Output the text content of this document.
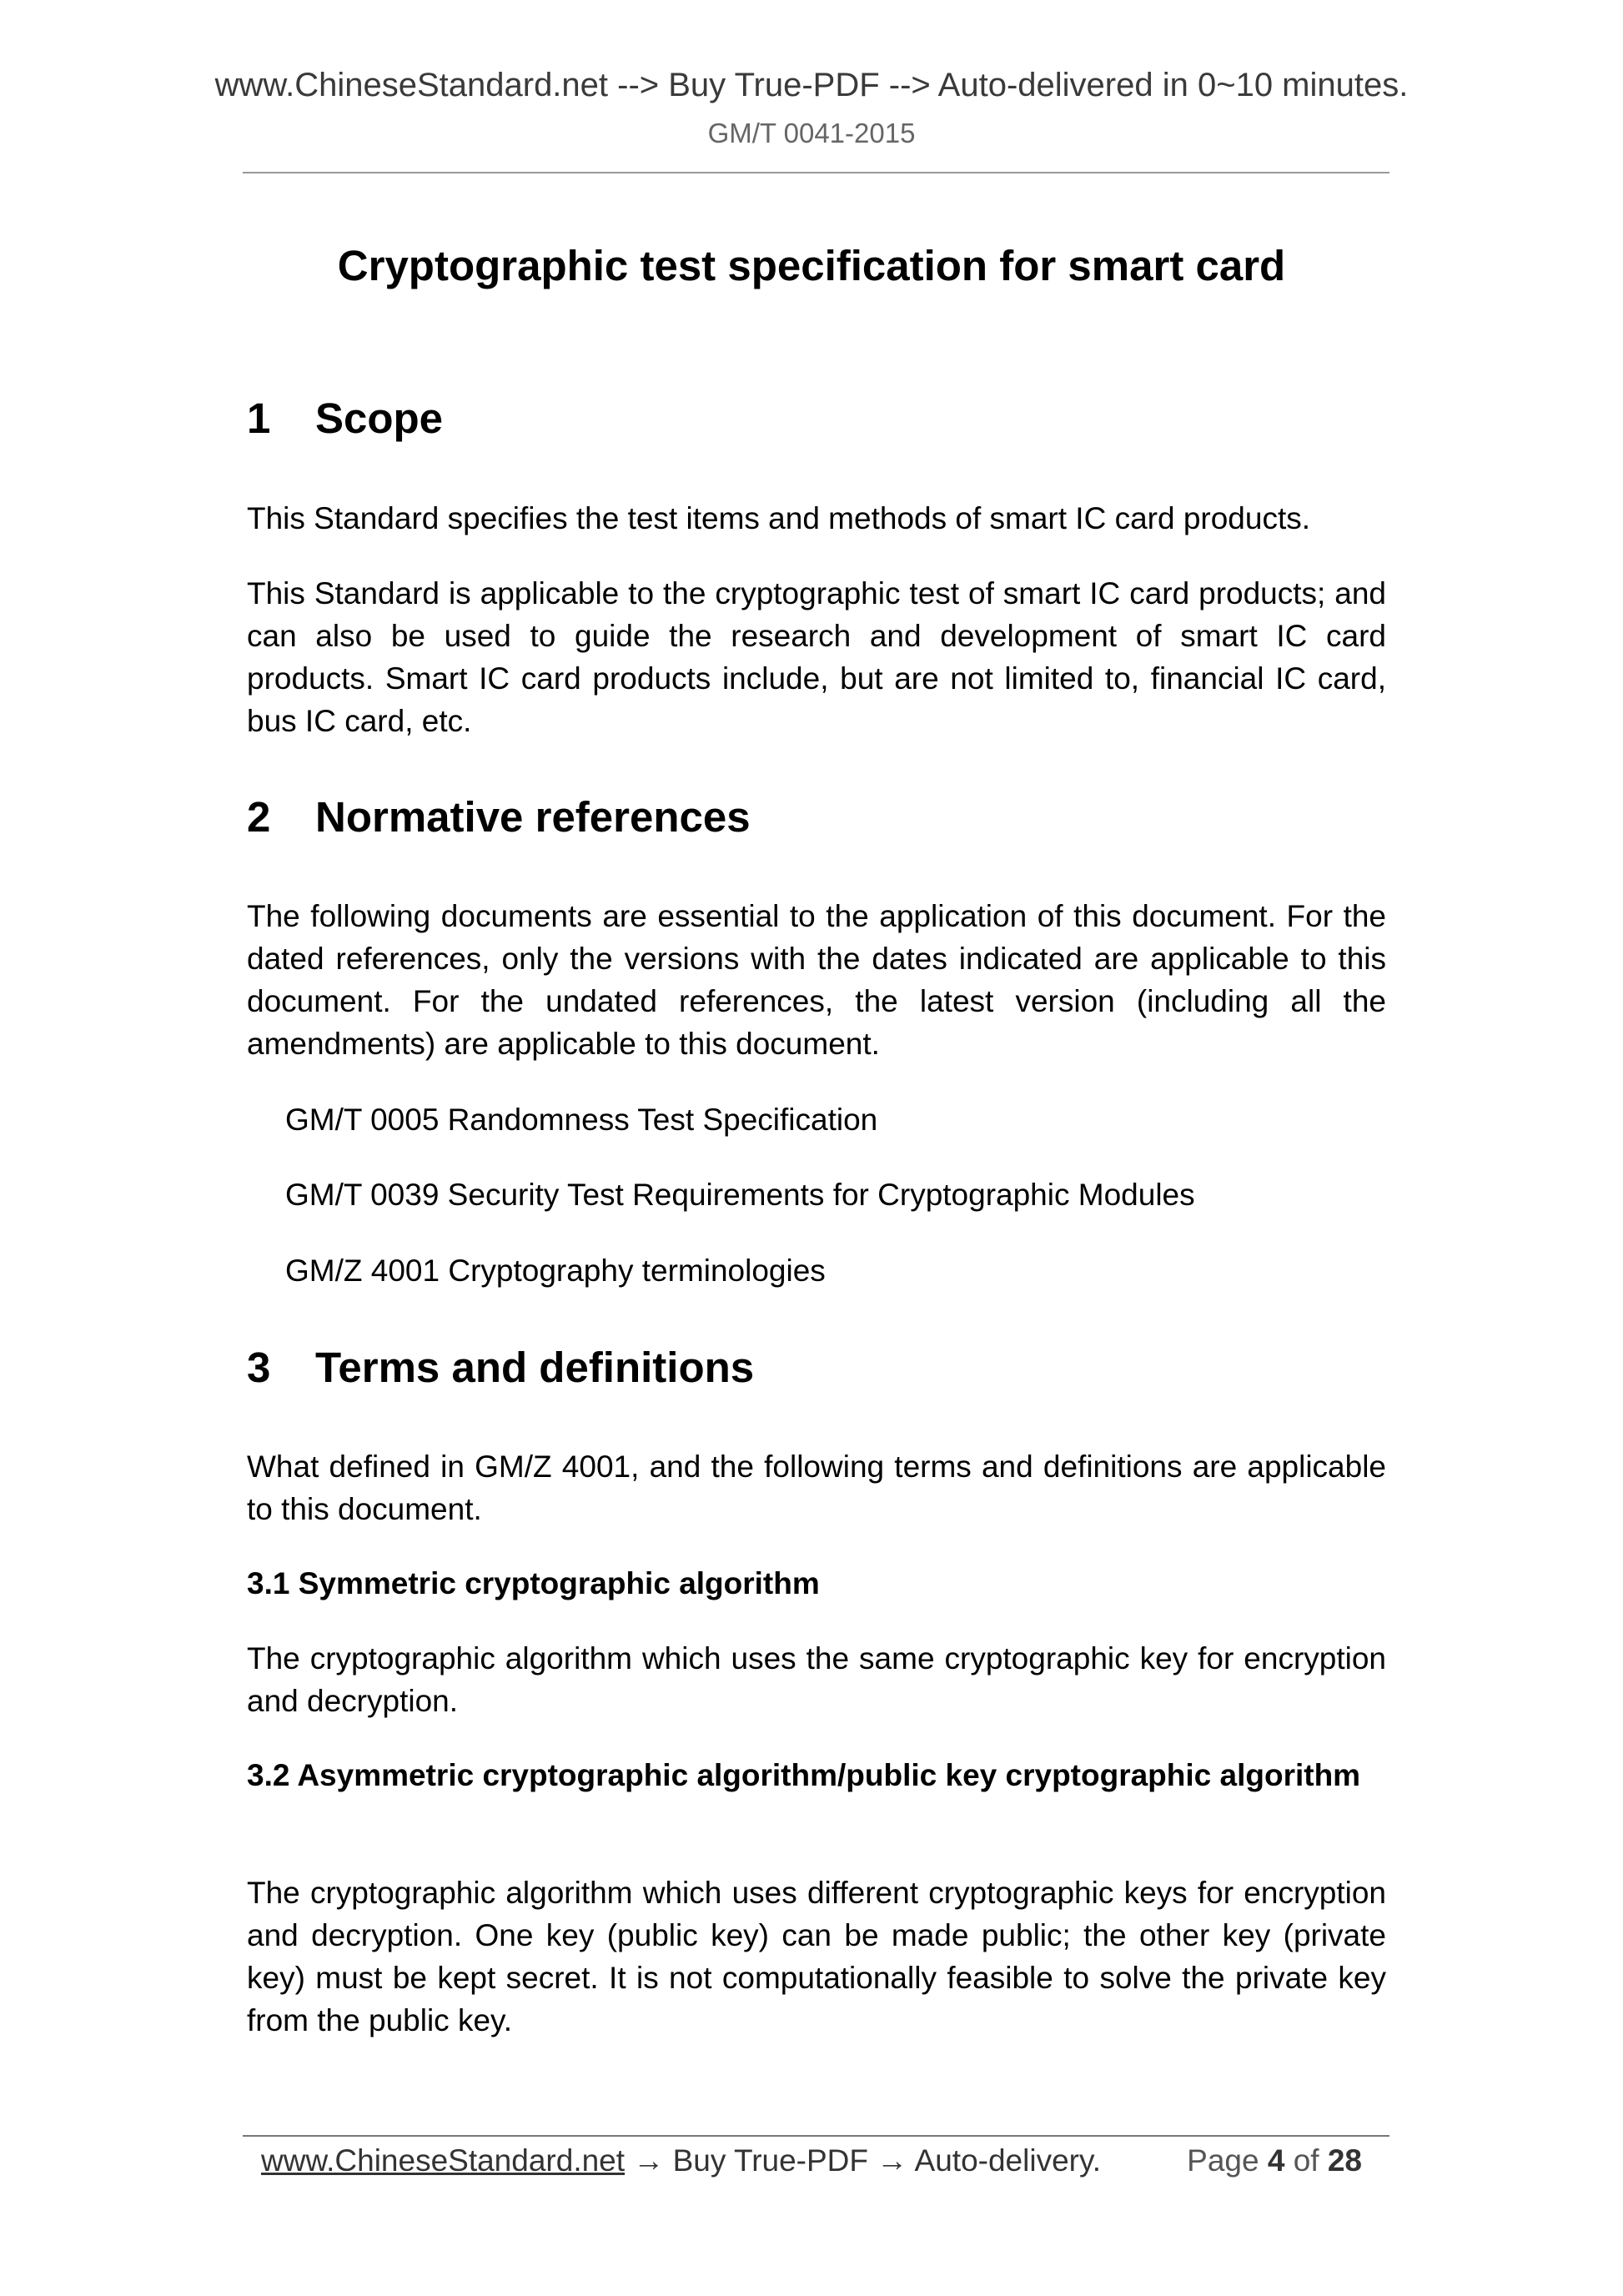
www.ChineseStandard.net --> Buy True-PDF --> Auto-delivered in 0~10 minutes.
GM/T 0041-2015
Cryptographic test specification for smart card
1 Scope
This Standard specifies the test items and methods of smart IC card products.
This Standard is applicable to the cryptographic test of smart IC card products; and can also be used to guide the research and development of smart IC card products. Smart IC card products include, but are not limited to, financial IC card, bus IC card, etc.
2 Normative references
The following documents are essential to the application of this document. For the dated references, only the versions with the dates indicated are applicable to this document. For the undated references, the latest version (including all the amendments) are applicable to this document.
GM/T 0005 Randomness Test Specification
GM/T 0039 Security Test Requirements for Cryptographic Modules
GM/Z 4001 Cryptography terminologies
3 Terms and definitions
What defined in GM/Z 4001, and the following terms and definitions are applicable to this document.
3.1 Symmetric cryptographic algorithm
The cryptographic algorithm which uses the same cryptographic key for encryption and decryption.
3.2 Asymmetric cryptographic algorithm/public key cryptographic algorithm
The cryptographic algorithm which uses different cryptographic keys for encryption and decryption. One key (public key) can be made public; the other key (private key) must be kept secret. It is not computationally feasible to solve the private key from the public key.
www.ChineseStandard.net → Buy True-PDF → Auto-delivery.	Page 4 of 28
